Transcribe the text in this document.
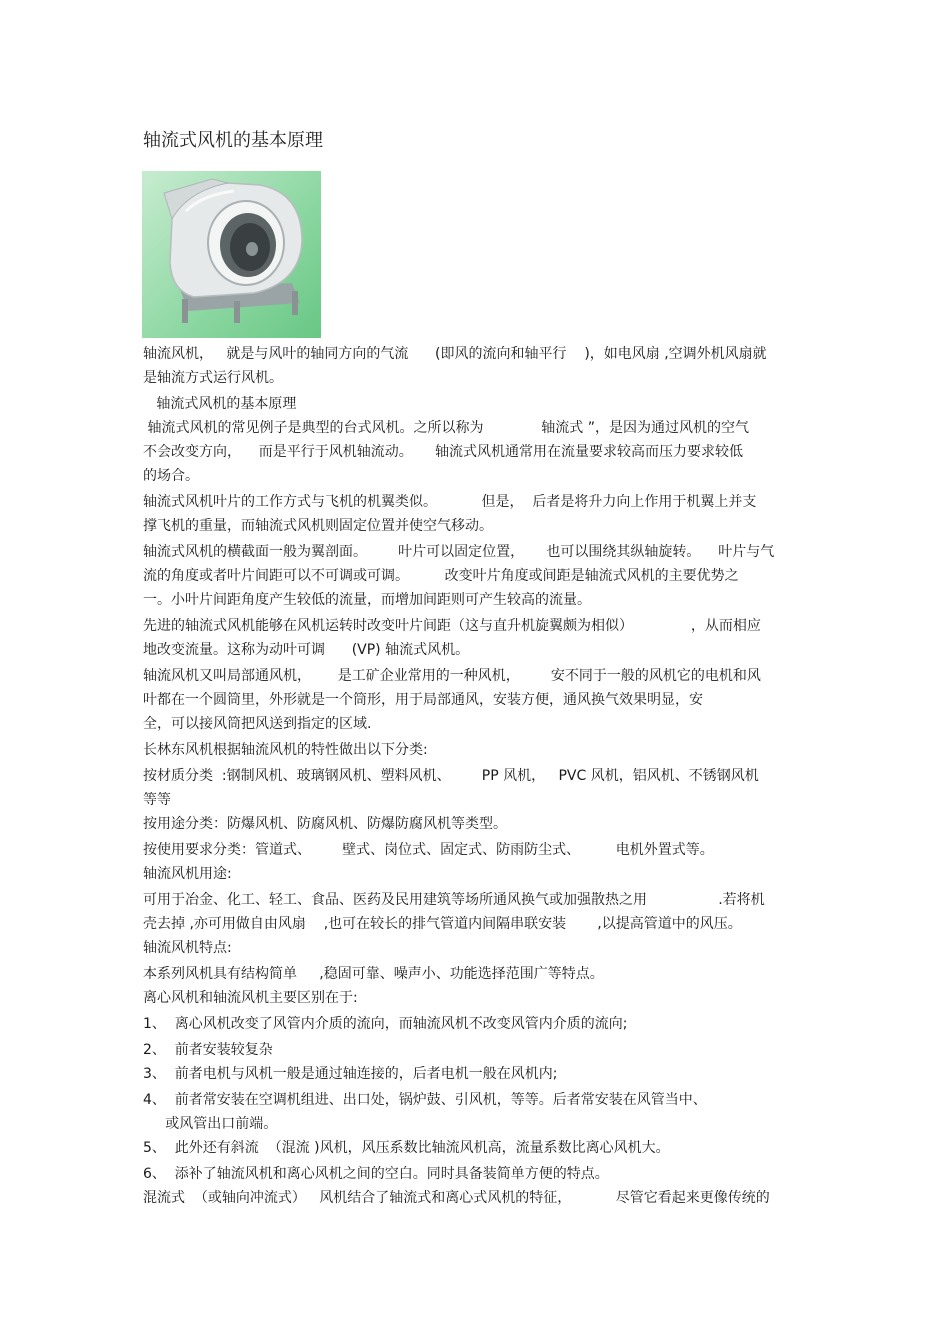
轴流式风机的基本原理

轴流风机，   就是与风叶的轴同方向的气流      (即风的流向和轴平行    )，如电风扇 ,空调外机风扇就

是轴流方式运行风机。

轴流式风机的基本原理

轴流式风机的常见例子是典型的台式风机。之所以称为             轴流式 ”，是因为通过风机的空气

不会改变方向，    而是平行于风机轴流动。     轴流式风机通常用在流量要求较高而压力要求较低

的场合。

轴流式风机叶片的工作方式与飞机的机翼类似。          但是，  后者是将升力向上作用于机翼上并支

撑飞机的重量，而轴流式风机则固定位置并使空气移动。

轴流式风机的横截面一般为翼剖面。       叶片可以固定位置，     也可以围绕其纵轴旋转。    叶片与气

流的角度或者叶片间距可以不可调或可调。        改变叶片角度或间距是轴流式风机的主要优势之

一。小叶片间距角度产生较低的流量，而增加间距则可产生较高的流量。

先进的轴流式风机能够在风机运转时改变叶片间距（这与直升机旋翼颇为相似）             ，从而相应

地改变流量。这称为动叶可调      (VP) 轴流式风机。

轴流风机又叫局部通风机，      是工矿企业常用的一种风机，       安不同于一般的风机它的电机和风

叶都在一个圆筒里，外形就是一个筒形，用于局部通风，安装方便，通风换气效果明显，安

全，可以接风筒把风送到指定的区域.

长林东风机根据轴流风机的特性做出以下分类:

按材质分类  :钢制风机、玻璃钢风机、塑料风机、       PP 风机，   PVC 风机，铝风机、不锈钢风机

等等

按用途分类：防爆风机、防腐风机、防爆防腐风机等类型。

按使用要求分类：管道式、       壁式、岗位式、固定式、防雨防尘式、        电机外置式等。

轴流风机用途:

可用于冶金、化工、轻工、食品、医药及民用建筑等场所通风换气或加强散热之用                .若将机

壳去掉 ,亦可用做自由风扇    ,也可在较长的排气管道内间隔串联安装       ,以提高管道中的风压。

轴流风机特点:

本系列风机具有结构简单     ,稳固可靠、噪声小、功能选择范围广等特点。

离心风机和轴流风机主要区别在于:

1、  离心风机改变了风管内介质的流向，而轴流风机不改变风管内介质的流向;

2、  前者安装较复杂

3、  前者电机与风机一般是通过轴连接的，后者电机一般在风机内;

4、  前者常安装在空调机组进、出口处，锅炉鼓、引风机，等等。后者常安装在风管当中、

或风管出口前端。

5、  此外还有斜流  （混流 )风机，风压系数比轴流风机高，流量系数比离心风机大。

6、  添补了轴流风机和离心风机之间的空白。同时具备装简单方便的特点。

混流式  （或轴向冲流式）   风机结合了轴流式和离心式风机的特征，          尽管它看起来更像传统的
